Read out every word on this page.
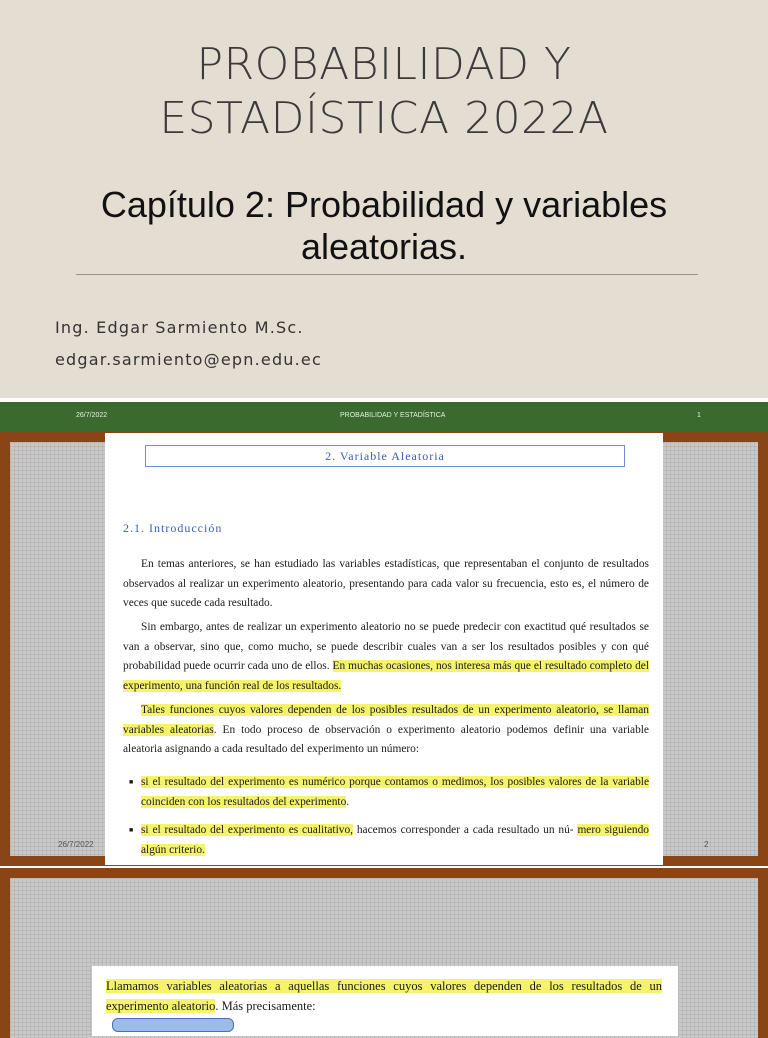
PROBABILIDAD Y
ESTADÍSTICA 2022A
Capítulo 2: Probabilidad y variables
aleatorias.
Ing. Edgar Sarmiento M.Sc.
edgar.sarmiento@epn.edu.ec
26/7/2022	PROBABILIDAD Y ESTADÍSTICA	1
26/7/2022	2
2. Variable Aleatoria
2.1. Introducción
En temas anteriores, se han estudiado las variables estadísticas, que representaban el conjunto de resultados observados al realizar un experimento aleatorio, presentando para cada valor su frecuencia, esto es, el número de veces que sucede cada resultado.
Sin embargo, antes de realizar un experimento aleatorio no se puede predecir con exactitud qué resultados se van a observar, sino que, como mucho, se puede describir cuales van a ser los resultados posibles y con qué probabilidad puede ocurrir cada uno de ellos. En muchas ocasiones, nos interesa más que el resultado completo del experimento, una función real de los resultados.
Tales funciones cuyos valores dependen de los posibles resultados de un experimento aleatorio, se llaman variables aleatorias. En todo proceso de observación o experimento aleatorio podemos definir una variable aleatoria asignando a cada resultado del experimento un número:
■ si el resultado del experimento es numérico porque contamos o medimos, los posibles valores de la variable coinciden con los resultados del experimento.
■ si el resultado del experimento es cualitativo, hacemos corresponder a cada resultado un nú- mero siguiendo algún criterio.
Llamamos variables aleatorias a aquellas funciones cuyos valores dependen de los resultados de un experimento aleatorio. Más precisamente:
